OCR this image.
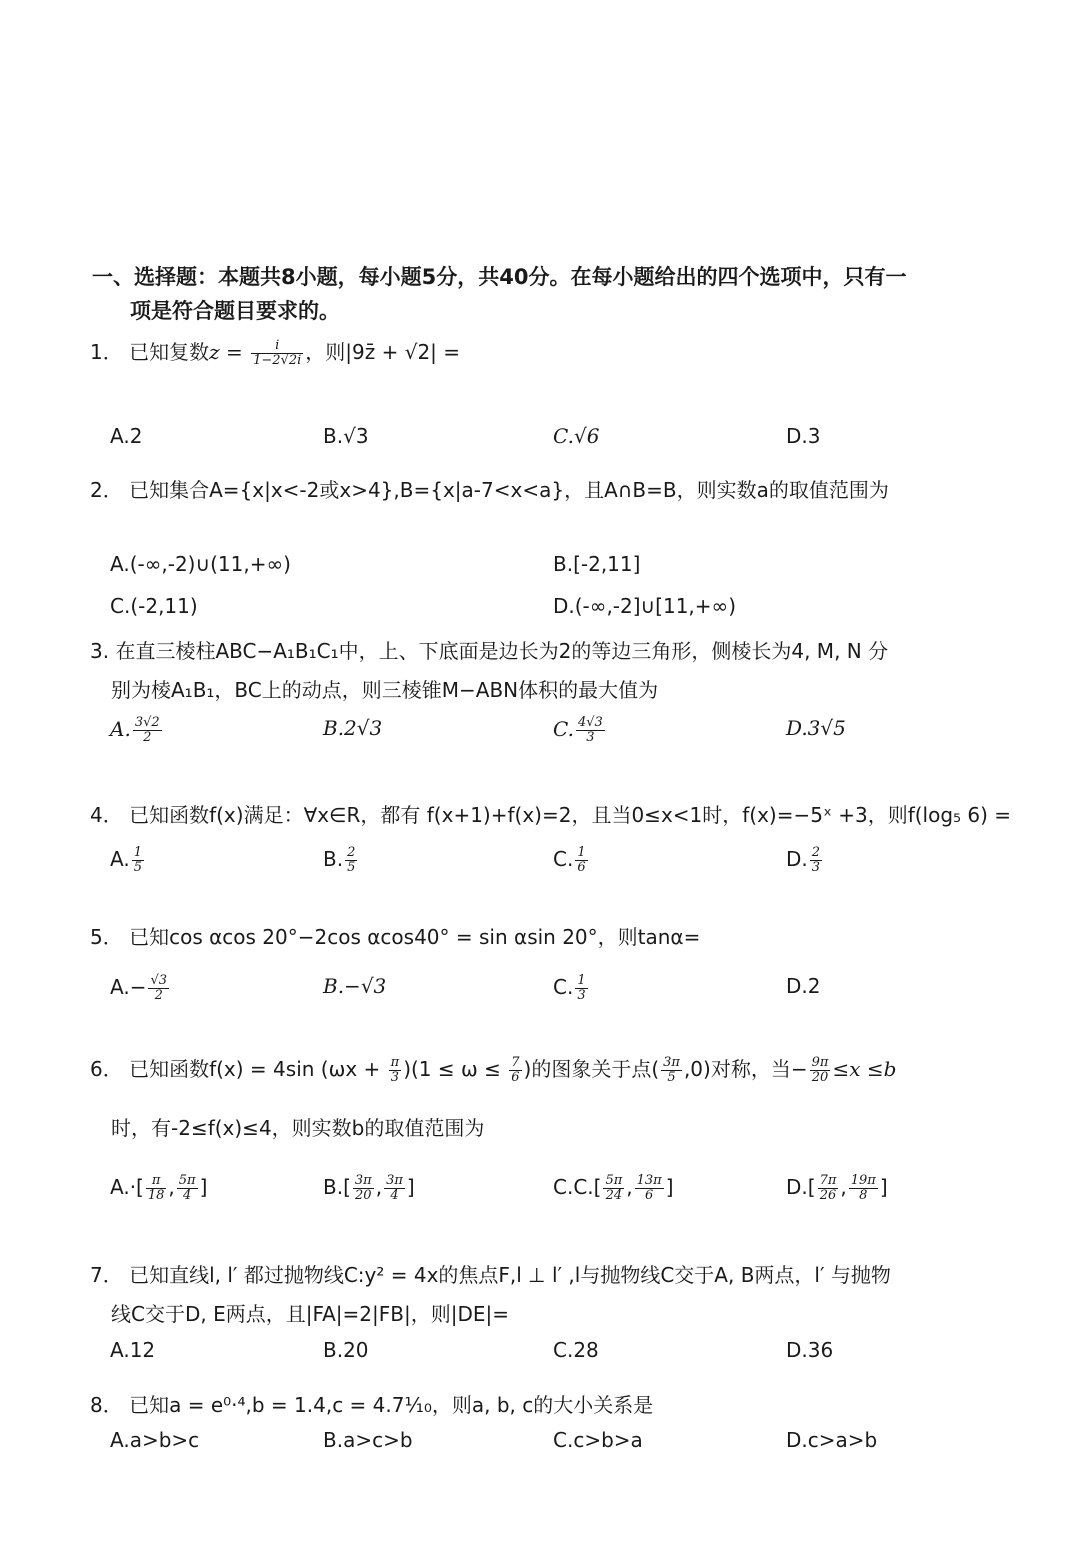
一、选择题：本题共8小题，每小题5分，共40分。在每小题给出的四个选项中，只有一
项是符合题目要求的。
1． 已知复数$z = \frac{i}{1-2√2i}$ ，则|9z̄ + √2| =
A.2	B.√3	C.√6	D.3
2． 已知集合A={x|x<-2或x>4},B={x|a-7<x<a}，且A∩B=B，则实数a的取值范围为
A.(-∞,-2)∪(11,+∞)	B.[-2,11]
C.(-2,11)	D.(-∞,-2]∪[11,+∞)
3. 在直三棱柱ABC−A₁B₁C₁中，上、下底面是边长为2的等边三角形，侧棱长为4, M, N 分
别为棱A₁B₁，BC上的动点，则三棱锥M−ABN体积的最大值为
A. $\frac{3√2}{2}$	B.2√3	C. $\frac{4√3}{3}$	D.3√5
4． 已知函数f(x)满足：∀x∈R，都有 f(x+1)+f(x)=2，且当0≤x<1时，f(x)=−5ˣ +3，则f(log₅ 6) =
A. $\frac{1}{5}$	B. $\frac{2}{5}$	C. $\frac{1}{6}$	D. $\frac{2}{3}$
5． 已知cos αcos 20°−2cos αcos40° = sin αsin 20°，则tanα=
$A.- \frac{√3}{2}$	B.−√3	C. $\frac{1}{3}$	D.2
6． 已知函数f(x) = 4sin $(\omega x + \frac{\pi}{3} )(1 \le \omega \le \frac{7}{6}$ )的图象关于点( $\frac{3\pi}{5} ,0$)对称，当− $\frac{9\pi}{20} \le x \le b$
时，有-2≤f(x)≤4，则实数b的取值范围为
$A.\cdot[ \frac{\pi}{18}$ , $\frac{5\pi}{4}$ ]	$B.[ \frac{3\pi}{20}$ , $\frac{3\pi}{4}$ ]	$C.C.[ \frac{5\pi}{24}$ , $\frac{13\pi}{6}$ ]	$D.[ \frac{7\pi}{26}$ , $\frac{19\pi}{8}$ ]
7． 已知直线l, l′ 都过抛物线C:y² = 4x的焦点F,l ⊥ l′ ,l与抛物线C交于A, B两点，l′ 与抛物
线C交于D, E两点，且|FA|=2|FB|，则|DE|=
A.12	B.20	C.28	D.36
8． 已知a = e⁰·⁴,b = 1.4,c = 4.7¹⁄₁₀，则a, b, c的大小关系是
A.a>b>c	B.a>c>b	C.c>b>a	D.c>a>b
